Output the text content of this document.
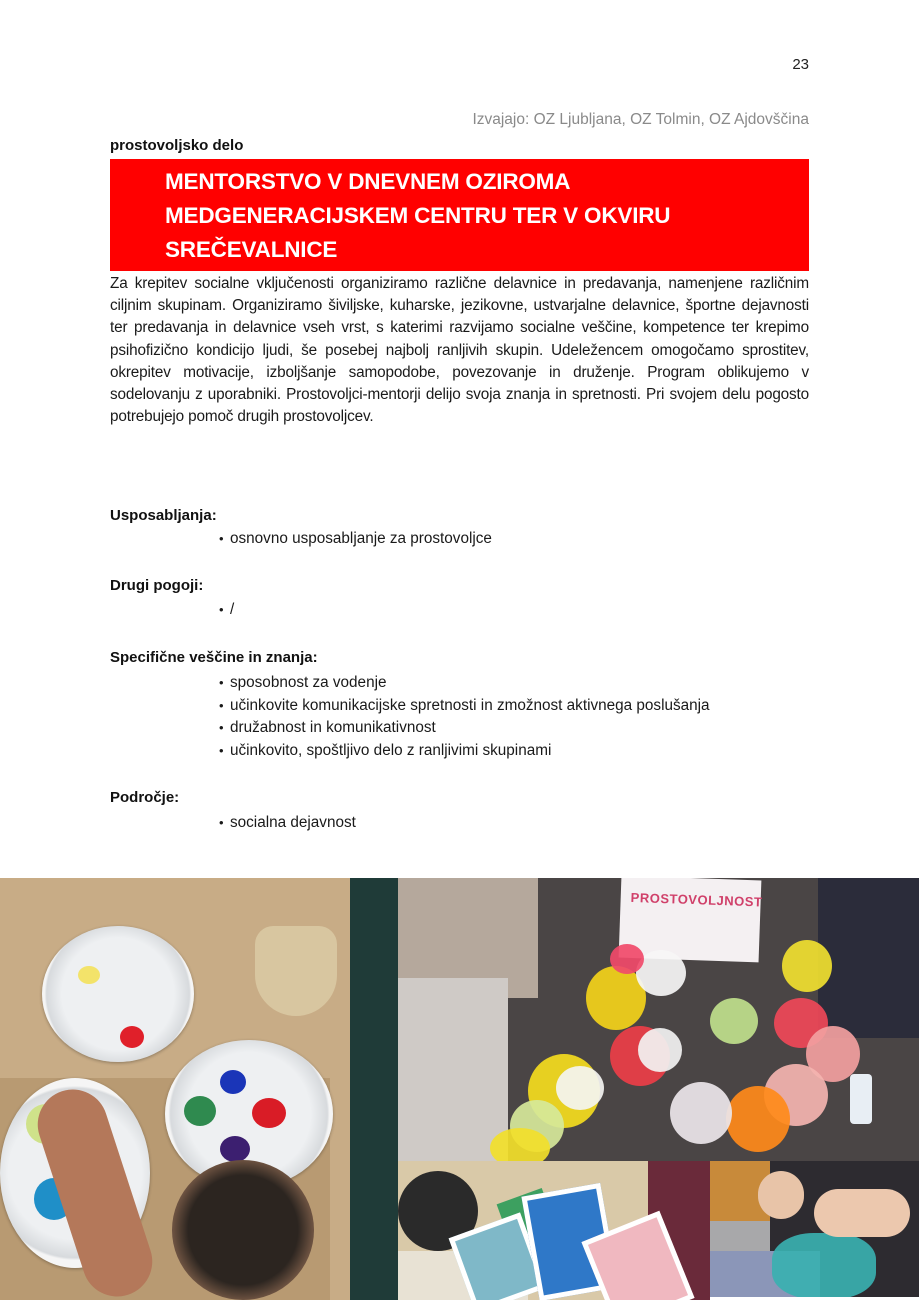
23
Izvajajo: OZ Ljubljana, OZ Tolmin, OZ Ajdovščina
prostovoljsko delo
MENTORSTVO V DNEVNEM OZIROMA
MEDGENERACIJSKEM CENTRU TER V OKVIRU
SREČEVALNICE
Za krepitev socialne vključenosti organiziramo različne delavnice in predavanja, namenjene različnim ciljnim skupinam. Organiziramo šiviljske, kuharske, jezikovne, ustvarjalne delavnice, športne dejavnosti ter predavanja in delavnice vseh vrst, s katerimi razvijamo socialne veščine, kompetence ter krepimo psihofizično kondicijo ljudi, še posebej najbolj ranljivih skupin. Udeležencem omogočamo sprostitev, okrepitev motivacije, izboljšanje samopodobe, povezovanje in druženje. Program oblikujemo v sodelovanju z uporabniki. Prostovoljci-mentorji delijo svoja znanja in spretnosti. Pri svojem delu pogosto potrebujejo pomoč drugih prostovoljcev.
Usposabljanja:
• osnovno usposabljanje za prostovoljce
Drugi pogoji:
• /
Specifične veščine in znanja:
• sposobnost za vodenje
• učinkovite komunikacijske spretnosti in zmožnost aktivnega poslušanja
• družabnost in komunikativnost
• učinkovito, spoštljivo delo z ranljivimi skupinami
Področje:
• socialna dejavnost
PROSTOVOLJNOST
